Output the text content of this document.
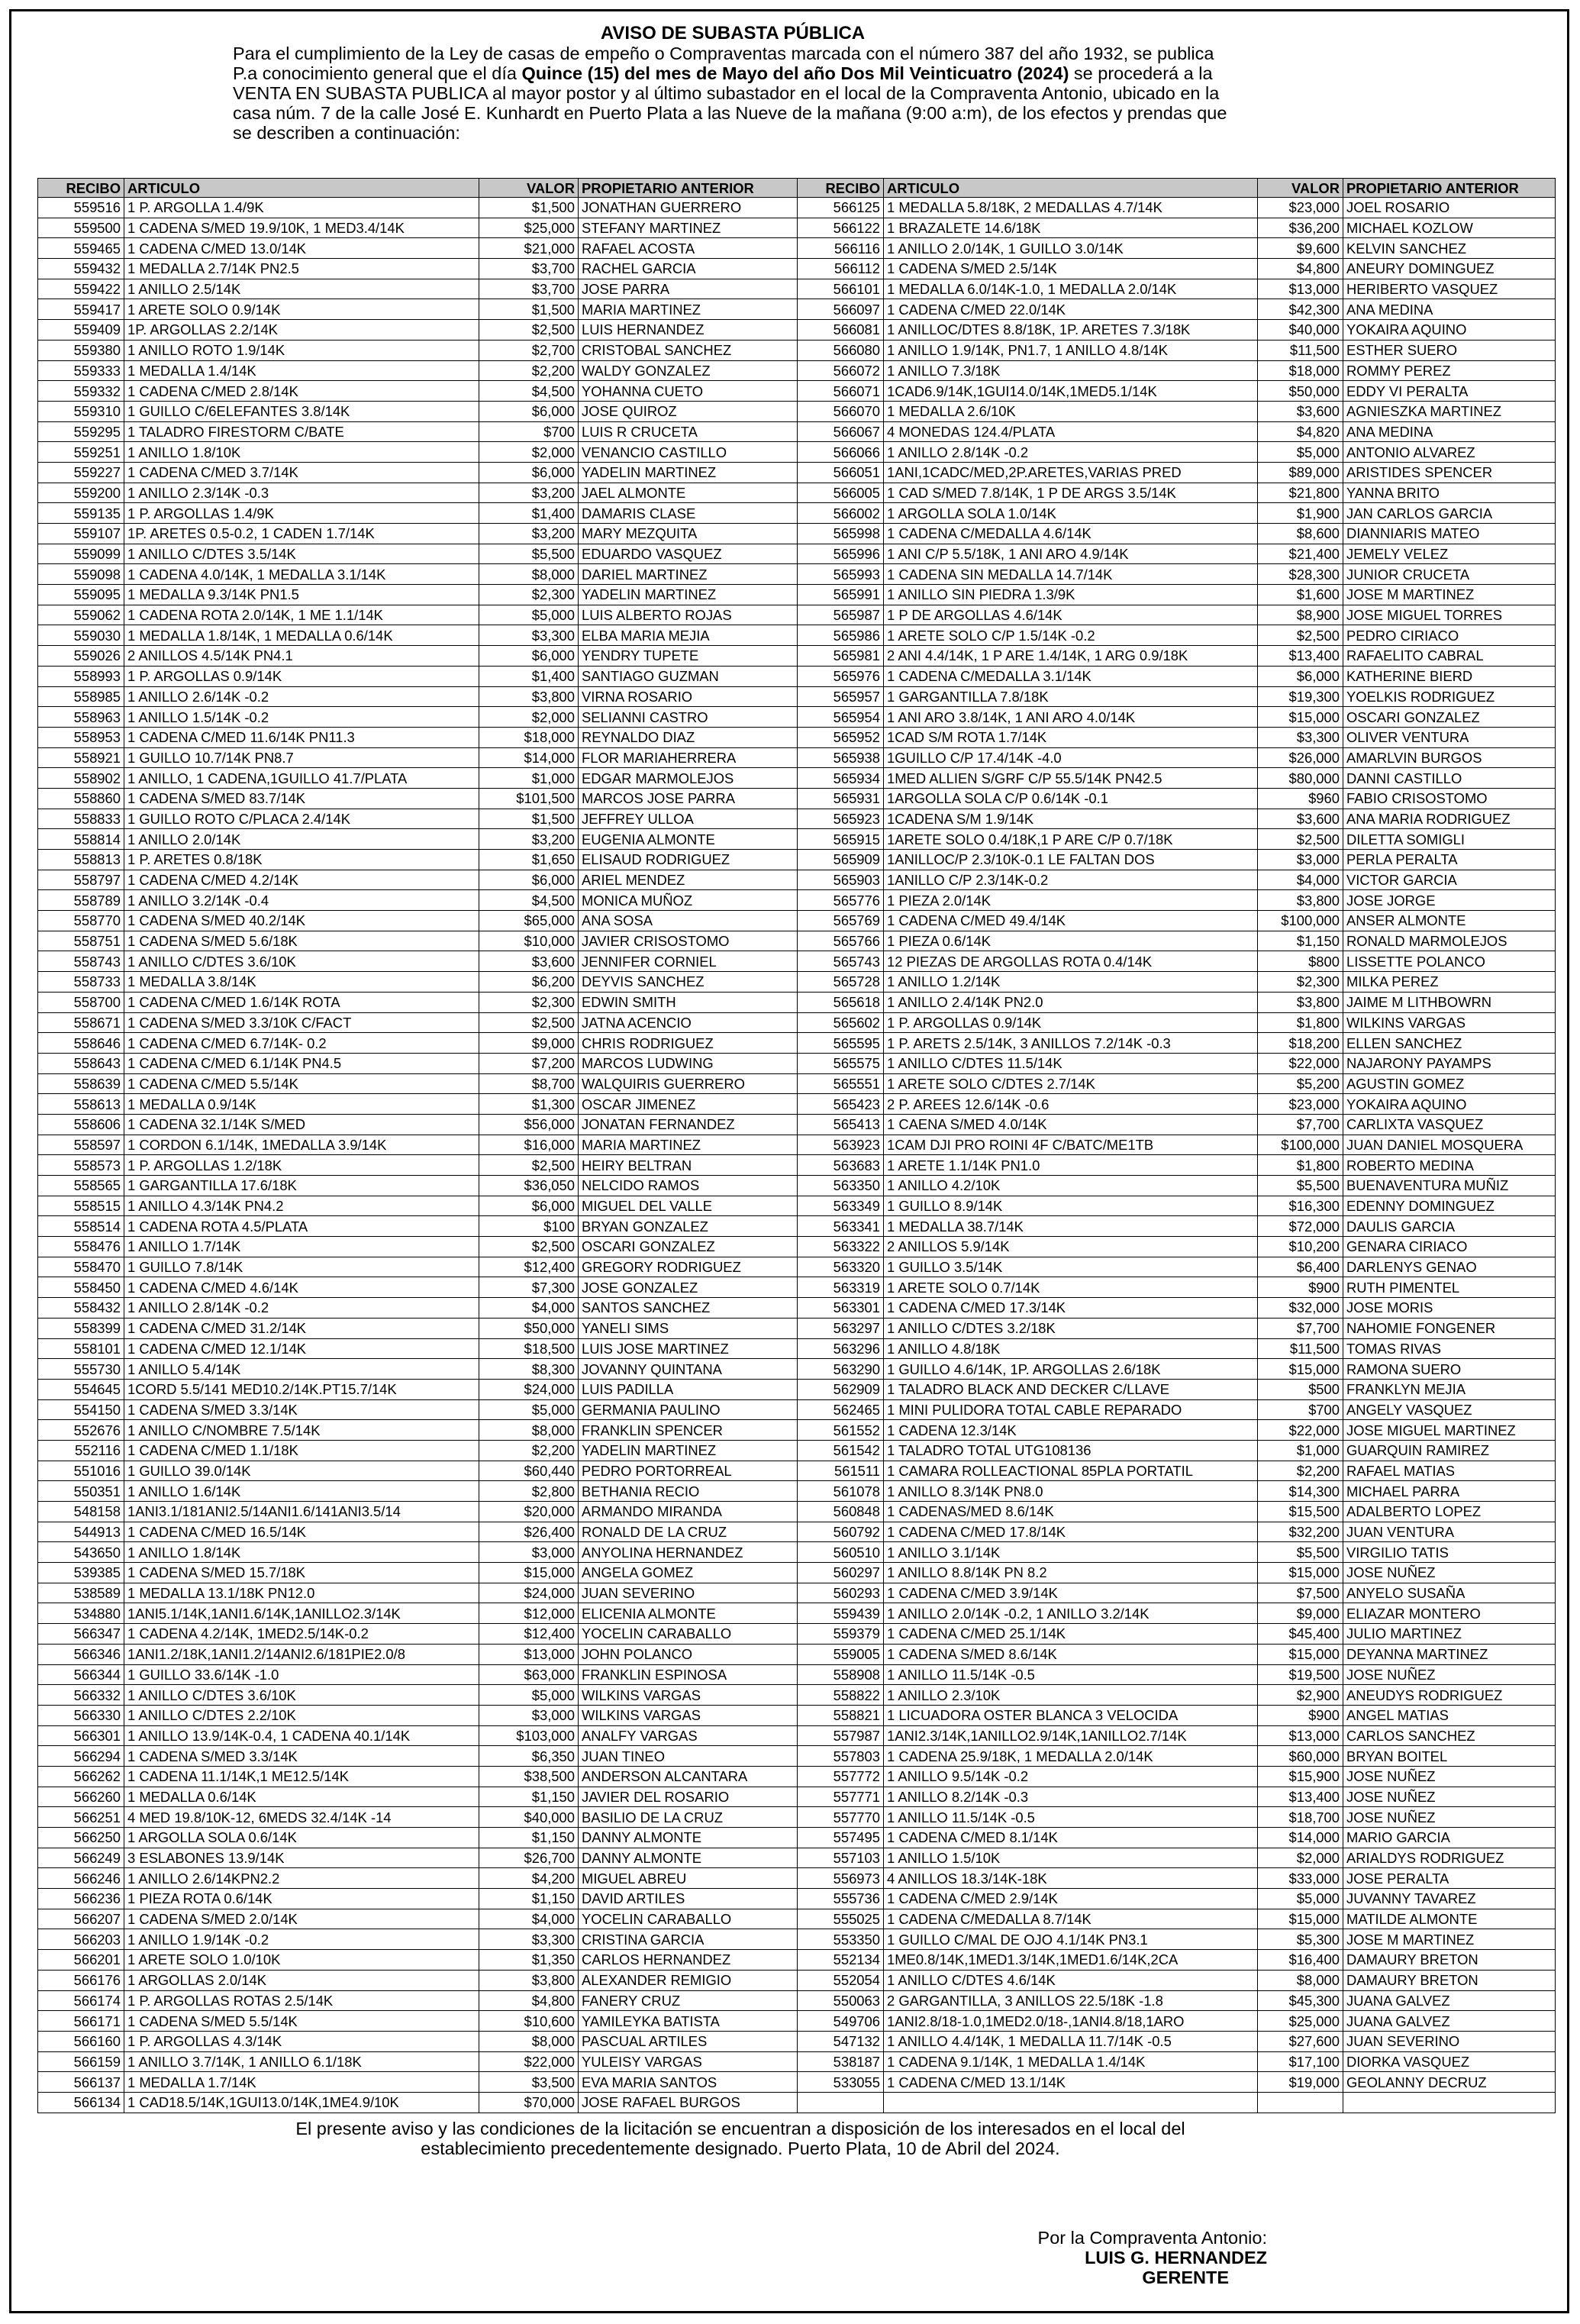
AVISO DE SUBASTA PÚBLICA
Para el cumplimiento de la Ley de casas de empeño o Compraventas marcada con el número 387 del año 1932, se publica P.a conocimiento general que el día Quince (15) del mes de Mayo del año Dos Mil Veinticuatro (2024) se procederá a la VENTA EN SUBASTA PUBLICA al mayor postor y al último subastador en el local de la Compraventa Antonio, ubicado en la casa núm. 7 de la calle José E. Kunhardt en Puerto Plata a las Nueve de la mañana (9:00 a:m), de los efectos y prendas que se describen a continuación:
RECIBO	ARTICULO	VALOR	PROPIETARIO ANTERIOR
559516	1 P. ARGOLLA 1.4/9K	$1,500	JONATHAN GUERRERO
559500	1 CADENA S/MED 19.9/10K, 1 MED3.4/14K	$25,000	STEFANY MARTINEZ
559465	1 CADENA C/MED 13.0/14K	$21,000	RAFAEL ACOSTA
559432	1 MEDALLA 2.7/14K PN2.5	$3,700	RACHEL GARCIA
559422	1 ANILLO 2.5/14K	$3,700	JOSE PARRA
559417	1 ARETE SOLO 0.9/14K	$1,500	MARIA MARTINEZ
559409	1P. ARGOLLAS 2.2/14K	$2,500	LUIS HERNANDEZ
559380	1 ANILLO ROTO 1.9/14K	$2,700	CRISTOBAL SANCHEZ
559333	1 MEDALLA 1.4/14K	$2,200	WALDY GONZALEZ
559332	1 CADENA C/MED 2.8/14K	$4,500	YOHANNA CUETO
559310	1 GUILLO C/6ELEFANTES 3.8/14K	$6,000	JOSE QUIROZ
559295	1 TALADRO FIRESTORM C/BATE	$700	LUIS R CRUCETA
559251	1 ANILLO 1.8/10K	$2,000	VENANCIO CASTILLO
559227	1 CADENA C/MED 3.7/14K	$6,000	YADELIN MARTINEZ
559200	1 ANILLO 2.3/14K -0.3	$3,200	JAEL ALMONTE
559135	1 P. ARGOLLAS 1.4/9K	$1,400	DAMARIS CLASE
559107	1P. ARETES 0.5-0.2, 1 CADEN 1.7/14K	$3,200	MARY MEZQUITA
559099	1 ANILLO C/DTES 3.5/14K	$5,500	EDUARDO VASQUEZ
559098	1 CADENA 4.0/14K, 1 MEDALLA 3.1/14K	$8,000	DARIEL MARTINEZ
559095	1 MEDALLA 9.3/14K PN1.5	$2,300	YADELIN MARTINEZ
559062	1 CADENA ROTA 2.0/14K, 1 ME 1.1/14K	$5,000	LUIS ALBERTO ROJAS
559030	1 MEDALLA 1.8/14K, 1 MEDALLA 0.6/14K	$3,300	ELBA MARIA MEJIA
559026	2 ANILLOS 4.5/14K PN4.1	$6,000	YENDRY TUPETE
558993	1 P. ARGOLLAS 0.9/14K	$1,400	SANTIAGO GUZMAN
558985	1 ANILLO 2.6/14K -0.2	$3,800	VIRNA ROSARIO
558963	1 ANILLO 1.5/14K -0.2	$2,000	SELIANNI CASTRO
558953	1 CADENA C/MED 11.6/14K PN11.3	$18,000	REYNALDO DIAZ
558921	1 GUILLO 10.7/14K PN8.7	$14,000	FLOR MARIAHERRERA
558902	1 ANILLO, 1 CADENA,1GUILLO 41.7/PLATA	$1,000	EDGAR MARMOLEJOS
558860	1 CADENA S/MED 83.7/14K	$101,500	MARCOS JOSE PARRA
558833	1 GUILLO ROTO C/PLACA 2.4/14K	$1,500	JEFFREY ULLOA
558814	1 ANILLO 2.0/14K	$3,200	EUGENIA ALMONTE
558813	1 P. ARETES 0.8/18K	$1,650	ELISAUD RODRIGUEZ
558797	1 CADENA C/MED 4.2/14K	$6,000	ARIEL MENDEZ
558789	1 ANILLO 3.2/14K -0.4	$4,500	MONICA MUÑOZ
558770	1 CADENA S/MED 40.2/14K	$65,000	ANA SOSA
558751	1 CADENA S/MED 5.6/18K	$10,000	JAVIER CRISOSTOMO
558743	1 ANILLO C/DTES 3.6/10K	$3,600	JENNIFER CORNIEL
558733	1 MEDALLA 3.8/14K	$6,200	DEYVIS SANCHEZ
558700	1 CADENA C/MED 1.6/14K ROTA	$2,300	EDWIN SMITH
558671	1 CADENA S/MED 3.3/10K C/FACT	$2,500	JATNA ACENCIO
558646	1 CADENA C/MED 6.7/14K- 0.2	$9,000	CHRIS RODRIGUEZ
558643	1 CADENA C/MED 6.1/14K PN4.5	$7,200	MARCOS LUDWING
558639	1 CADENA C/MED 5.5/14K	$8,700	WALQUIRIS GUERRERO
558613	1 MEDALLA 0.9/14K	$1,300	OSCAR JIMENEZ
558606	1 CADENA 32.1/14K S/MED	$56,000	JONATAN FERNANDEZ
558597	1 CORDON 6.1/14K, 1MEDALLA 3.9/14K	$16,000	MARIA MARTINEZ
558573	1 P. ARGOLLAS 1.2/18K	$2,500	HEIRY BELTRAN
558565	1 GARGANTILLA 17.6/18K	$36,050	NELCIDO RAMOS
558515	1 ANILLO 4.3/14K PN4.2	$6,000	MIGUEL DEL VALLE
558514	1 CADENA ROTA 4.5/PLATA	$100	BRYAN GONZALEZ
558476	1 ANILLO 1.7/14K	$2,500	OSCARI GONZALEZ
558470	1 GUILLO 7.8/14K	$12,400	GREGORY RODRIGUEZ
558450	1 CADENA C/MED 4.6/14K	$7,300	JOSE GONZALEZ
558432	1 ANILLO 2.8/14K -0.2	$4,000	SANTOS SANCHEZ
558399	1 CADENA C/MED 31.2/14K	$50,000	YANELI SIMS
558101	1 CADENA C/MED 12.1/14K	$18,500	LUIS JOSE MARTINEZ
555730	1 ANILLO 5.4/14K	$8,300	JOVANNY QUINTANA
554645	1CORD 5.5/141 MED10.2/14K.PT15.7/14K	$24,000	LUIS PADILLA
554150	1 CADENA S/MED 3.3/14K	$5,000	GERMANIA PAULINO
552676	1 ANILLO C/NOMBRE 7.5/14K	$8,000	FRANKLIN SPENCER
552116	1 CADENA C/MED 1.1/18K	$2,200	YADELIN MARTINEZ
551016	1 GUILLO 39.0/14K	$60,440	PEDRO PORTORREAL
550351	1 ANILLO 1.6/14K	$2,800	BETHANIA RECIO
548158	1ANI3.1/181ANI2.5/14ANI1.6/141ANI3.5/14	$20,000	ARMANDO MIRANDA
544913	1 CADENA C/MED 16.5/14K	$26,400	RONALD DE LA CRUZ
543650	1 ANILLO 1.8/14K	$3,000	ANYOLINA HERNANDEZ
539385	1 CADENA S/MED 15.7/18K	$15,000	ANGELA GOMEZ
538589	1 MEDALLA 13.1/18K PN12.0	$24,000	JUAN SEVERINO
534880	1ANI5.1/14K,1ANI1.6/14K,1ANILLO2.3/14K	$12,000	ELICENIA ALMONTE
566347	1 CADENA 4.2/14K, 1MED2.5/14K-0.2	$12,400	YOCELIN CARABALLO
566346	1ANI1.2/18K,1ANI1.2/14ANI2.6/181PIE2.0/8	$13,000	JOHN POLANCO
566344	1 GUILLO 33.6/14K -1.0	$63,000	FRANKLIN ESPINOSA
566332	1 ANILLO C/DTES 3.6/10K	$5,000	WILKINS VARGAS
566330	1 ANILLO C/DTES 2.2/10K	$3,000	WILKINS VARGAS
566301	1 ANILLO 13.9/14K-0.4, 1 CADENA 40.1/14K	$103,000	ANALFY VARGAS
566294	1 CADENA S/MED 3.3/14K	$6,350	JUAN TINEO
566262	1 CADENA 11.1/14K,1 ME12.5/14K	$38,500	ANDERSON ALCANTARA
566260	1 MEDALLA 0.6/14K	$1,150	JAVIER DEL ROSARIO
566251	4 MED 19.8/10K-12, 6MEDS 32.4/14K -14	$40,000	BASILIO DE LA CRUZ
566250	1 ARGOLLA SOLA 0.6/14K	$1,150	DANNY ALMONTE
566249	3 ESLABONES 13.9/14K	$26,700	DANNY ALMONTE
566246	1 ANILLO 2.6/14KPN2.2	$4,200	MIGUEL ABREU
566236	1 PIEZA ROTA 0.6/14K	$1,150	DAVID ARTILES
566207	1 CADENA S/MED 2.0/14K	$4,000	YOCELIN CARABALLO
566203	1 ANILLO 1.9/14K -0.2	$3,300	CRISTINA GARCIA
566201	1 ARETE SOLO 1.0/10K	$1,350	CARLOS HERNANDEZ
566176	1 ARGOLLAS 2.0/14K	$3,800	ALEXANDER REMIGIO
566174	1 P. ARGOLLAS ROTAS 2.5/14K	$4,800	FANERY CRUZ
566171	1 CADENA S/MED 5.5/14K	$10,600	YAMILEYKA BATISTA
566160	1 P. ARGOLLAS 4.3/14K	$8,000	PASCUAL ARTILES
566159	1 ANILLO 3.7/14K, 1 ANILLO 6.1/18K	$22,000	YULEISY VARGAS
566137	1 MEDALLA 1.7/14K	$3,500	EVA MARIA SANTOS
566134	1 CAD18.5/14K,1GUI13.0/14K,1ME4.9/10K	$70,000	JOSE RAFAEL BURGOS
RECIBO	ARTICULO	VALOR	PROPIETARIO ANTERIOR
566125	1 MEDALLA 5.8/18K, 2 MEDALLAS 4.7/14K	$23,000	JOEL ROSARIO
566122	1 BRAZALETE 14.6/18K	$36,200	MICHAEL KOZLOW
566116	1 ANILLO 2.0/14K, 1 GUILLO 3.0/14K	$9,600	KELVIN SANCHEZ
566112	1 CADENA S/MED 2.5/14K	$4,800	ANEURY DOMINGUEZ
566101	1 MEDALLA 6.0/14K-1.0, 1 MEDALLA 2.0/14K	$13,000	HERIBERTO VASQUEZ
566097	1 CADENA C/MED 22.0/14K	$42,300	ANA MEDINA
566081	1 ANILLOC/DTES 8.8/18K, 1P. ARETES 7.3/18K	$40,000	YOKAIRA AQUINO
566080	1 ANILLO 1.9/14K, PN1.7, 1 ANILLO 4.8/14K	$11,500	ESTHER SUERO
566072	1 ANILLO 7.3/18K	$18,000	ROMMY PEREZ
566071	1CAD6.9/14K,1GUI14.0/14K,1MED5.1/14K	$50,000	EDDY VI PERALTA
566070	1 MEDALLA 2.6/10K	$3,600	AGNIESZKA MARTINEZ
566067	4 MONEDAS 124.4/PLATA	$4,820	ANA MEDINA
566066	1 ANILLO 2.8/14K -0.2	$5,000	ANTONIO ALVAREZ
566051	1ANI,1CADC/MED,2P.ARETES,VARIAS PRED	$89,000	ARISTIDES SPENCER
566005	1 CAD S/MED 7.8/14K, 1 P DE ARGS 3.5/14K	$21,800	YANNA BRITO
566002	1 ARGOLLA SOLA 1.0/14K	$1,900	JAN CARLOS GARCIA
565998	1 CADENA C/MEDALLA 4.6/14K	$8,600	DIANNIARIS MATEO
565996	1 ANI C/P 5.5/18K, 1 ANI ARO 4.9/14K	$21,400	JEMELY VELEZ
565993	1 CADENA SIN MEDALLA 14.7/14K	$28,300	JUNIOR CRUCETA
565991	1 ANILLO SIN PIEDRA 1.3/9K	$1,600	JOSE M MARTINEZ
565987	1 P DE ARGOLLAS 4.6/14K	$8,900	JOSE MIGUEL TORRES
565986	1 ARETE SOLO C/P 1.5/14K -0.2	$2,500	PEDRO CIRIACO
565981	2 ANI 4.4/14K, 1 P ARE 1.4/14K, 1 ARG 0.9/18K	$13,400	RAFAELITO CABRAL
565976	1 CADENA C/MEDALLA 3.1/14K	$6,000	KATHERINE BIERD
565957	1 GARGANTILLA 7.8/18K	$19,300	YOELKIS RODRIGUEZ
565954	1 ANI ARO 3.8/14K, 1 ANI ARO 4.0/14K	$15,000	OSCARI GONZALEZ
565952	1CAD S/M ROTA 1.7/14K	$3,300	OLIVER VENTURA
565938	1GUILLO C/P 17.4/14K -4.0	$26,000	AMARLVIN BURGOS
565934	1MED ALLIEN S/GRF C/P 55.5/14K PN42.5	$80,000	DANNI CASTILLO
565931	1ARGOLLA SOLA C/P 0.6/14K -0.1	$960	FABIO CRISOSTOMO
565923	1CADENA S/M 1.9/14K	$3,600	ANA MARIA RODRIGUEZ
565915	1ARETE SOLO 0.4/18K,1 P ARE C/P 0.7/18K	$2,500	DILETTA SOMIGLI
565909	1ANILLOC/P 2.3/10K-0.1 LE FALTAN DOS	$3,000	PERLA PERALTA
565903	1ANILLO C/P 2.3/14K-0.2	$4,000	VICTOR GARCIA
565776	1 PIEZA 2.0/14K	$3,800	JOSE JORGE
565769	1 CADENA C/MED 49.4/14K	$100,000	ANSER ALMONTE
565766	1 PIEZA 0.6/14K	$1,150	RONALD MARMOLEJOS
565743	12 PIEZAS DE ARGOLLAS ROTA 0.4/14K	$800	LISSETTE POLANCO
565728	1 ANILLO 1.2/14K	$2,300	MILKA PEREZ
565618	1 ANILLO 2.4/14K PN2.0	$3,800	JAIME M LITHBOWRN
565602	1 P. ARGOLLAS 0.9/14K	$1,800	WILKINS VARGAS
565595	1 P. ARETS 2.5/14K, 3 ANILLOS 7.2/14K -0.3	$18,200	ELLEN SANCHEZ
565575	1 ANILLO C/DTES 11.5/14K	$22,000	NAJARONY PAYAMPS
565551	1 ARETE SOLO C/DTES 2.7/14K	$5,200	AGUSTIN GOMEZ
565423	2 P. AREES 12.6/14K -0.6	$23,000	YOKAIRA AQUINO
565413	1 CAENA S/MED 4.0/14K	$7,700	CARLIXTA VASQUEZ
563923	1CAM DJI PRO ROINI 4F C/BATC/ME1TB	$100,000	JUAN DANIEL MOSQUERA
563683	1 ARETE 1.1/14K PN1.0	$1,800	ROBERTO MEDINA
563350	1 ANILLO 4.2/10K	$5,500	BUENAVENTURA MUÑIZ
563349	1 GUILLO 8.9/14K	$16,300	EDENNY DOMINGUEZ
563341	1 MEDALLA 38.7/14K	$72,000	DAULIS GARCIA
563322	2 ANILLOS 5.9/14K	$10,200	GENARA CIRIACO
563320	1 GUILLO 3.5/14K	$6,400	DARLENYS GENAO
563319	1 ARETE SOLO 0.7/14K	$900	RUTH PIMENTEL
563301	1 CADENA C/MED 17.3/14K	$32,000	JOSE MORIS
563297	1 ANILLO C/DTES 3.2/18K	$7,700	NAHOMIE FONGENER
563296	1 ANILLO 4.8/18K	$11,500	TOMAS RIVAS
563290	1 GUILLO 4.6/14K, 1P. ARGOLLAS 2.6/18K	$15,000	RAMONA SUERO
562909	1 TALADRO BLACK AND DECKER C/LLAVE	$500	FRANKLYN MEJIA
562465	1 MINI PULIDORA TOTAL CABLE REPARADO	$700	ANGELY VASQUEZ
561552	1 CADENA 12.3/14K	$22,000	JOSE MIGUEL MARTINEZ
561542	1 TALADRO TOTAL UTG108136	$1,000	GUARQUIN RAMIREZ
561511	1 CAMARA ROLLEACTIONAL 85PLA PORTATIL	$2,200	RAFAEL MATIAS
561078	1 ANILLO 8.3/14K PN8.0	$14,300	MICHAEL PARRA
560848	1 CADENAS/MED 8.6/14K	$15,500	ADALBERTO LOPEZ
560792	1 CADENA C/MED 17.8/14K	$32,200	JUAN VENTURA
560510	1 ANILLO 3.1/14K	$5,500	VIRGILIO TATIS
560297	1 ANILLO 8.8/14K PN 8.2	$15,000	JOSE NUÑEZ
560293	1 CADENA C/MED 3.9/14K	$7,500	ANYELO SUSAÑA
559439	1 ANILLO 2.0/14K -0.2, 1 ANILLO 3.2/14K	$9,000	ELIAZAR MONTERO
559379	1 CADENA C/MED 25.1/14K	$45,400	JULIO MARTINEZ
559005	1 CADENA S/MED 8.6/14K	$15,000	DEYANNA MARTINEZ
558908	1 ANILLO 11.5/14K -0.5	$19,500	JOSE NUÑEZ
558822	1 ANILLO 2.3/10K	$2,900	ANEUDYS RODRIGUEZ
558821	1 LICUADORA OSTER BLANCA 3 VELOCIDA	$900	ANGEL MATIAS
557987	1ANI2.3/14K,1ANILLO2.9/14K,1ANILLO2.7/14K	$13,000	CARLOS SANCHEZ
557803	1 CADENA 25.9/18K, 1 MEDALLA 2.0/14K	$60,000	BRYAN BOITEL
557772	1 ANILLO 9.5/14K -0.2	$15,900	JOSE NUÑEZ
557771	1 ANILLO 8.2/14K -0.3	$13,400	JOSE NUÑEZ
557770	1 ANILLO 11.5/14K -0.5	$18,700	JOSE NUÑEZ
557495	1 CADENA C/MED 8.1/14K	$14,000	MARIO GARCIA
557103	1 ANILLO 1.5/10K	$2,000	ARIALDYS RODRIGUEZ
556973	4 ANILLOS 18.3/14K-18K	$33,000	JOSE PERALTA
555736	1 CADENA C/MED 2.9/14K	$5,000	JUVANNY TAVAREZ
555025	1 CADENA C/MEDALLA 8.7/14K	$15,000	MATILDE ALMONTE
553350	1 GUILLO C/MAL DE OJO 4.1/14K PN3.1	$5,300	JOSE M MARTINEZ
552134	1ME0.8/14K,1MED1.3/14K,1MED1.6/14K,2CA	$16,400	DAMAURY BRETON
552054	1 ANILLO C/DTES 4.6/14K	$8,000	DAMAURY BRETON
550063	2 GARGANTILLA, 3 ANILLOS 22.5/18K -1.8	$45,300	JUANA GALVEZ
549706	1ANI2.8/18-1.0,1MED2.0/18-,1ANI4.8/18,1ARO	$25,000	JUANA GALVEZ
547132	1 ANILLO 4.4/14K, 1 MEDALLA 11.7/14K -0.5	$27,600	JUAN SEVERINO
538187	1 CADENA 9.1/14K, 1 MEDALLA 1.4/14K	$17,100	DIORKA VASQUEZ
533055	1 CADENA C/MED 13.1/14K	$19,000	GEOLANNY DECRUZ

El presente aviso y las condiciones de la licitación se encuentran a disposición de los interesados en el local del establecimiento precedentemente designado. Puerto Plata, 10 de Abril del 2024.
Por la Compraventa Antonio:
LUIS G. HERNANDEZ
GERENTE
